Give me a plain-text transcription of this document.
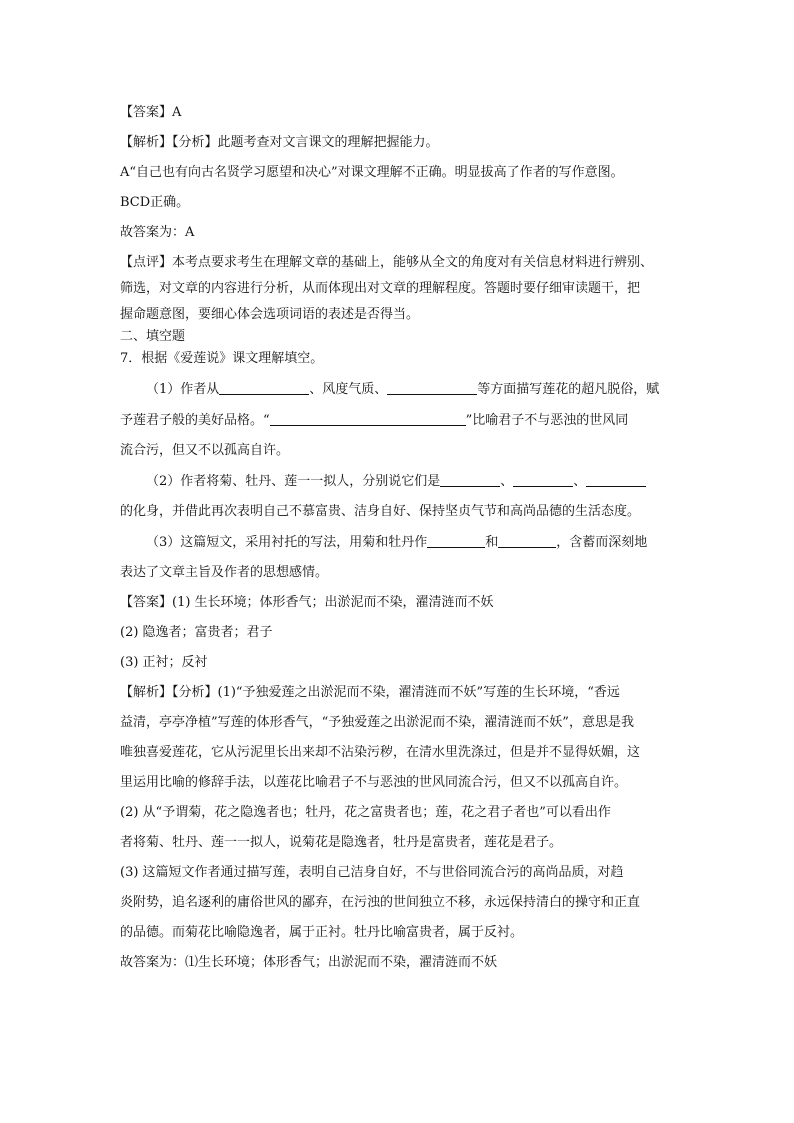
【答案】A
【解析】【分析】此题考查对文言课文的理解把握能力。
A“自己也有向古名贤学习愿望和决心”对课文理解不正确。明显拔高了作者的写作意图。
BCD正确。
故答案为：A
【点评】本考点要求考生在理解文章的基础上，能够从全文的角度对有关信息材料进行辨别、
筛选，对文章的内容进行分析，从而体现出对文章的理解程度。答题时要仔细审读题干，把
握命题意图，要细心体会选项词语的表述是否得当。
二、填空题
7．根据《爱莲说》课文理解填空。
（1）作者从	、风度气质、	等方面描写莲花的超凡脱俗，赋
予莲君子般的美好品格。“	”比喻君子不与恶浊的世风同
流合污，但又不以孤高自许。
（2）作者将菊、牡丹、莲一一拟人，分别说它们是	、	、
的化身，并借此再次表明自己不慕富贵、洁身自好、保持坚贞气节和高尚品德的生活态度。
（3）这篇短文，采用衬托的写法，用菊和牡丹作	和	，含蓄而深刻地
表达了文章主旨及作者的思想感情。
【答案】(1) 生长环境；体形香气；出淤泥而不染，濯清涟而不妖
(2) 隐逸者；富贵者；君子
(3) 正衬；反衬
【解析】【分析】(1)“予独爱莲之出淤泥而不染，濯清涟而不妖”写莲的生长环境，“香远
益清，亭亭净植”写莲的体形香气，“予独爱莲之出淤泥而不染，濯清涟而不妖”，意思是我
唯独喜爱莲花，它从污泥里长出来却不沾染污秽，在清水里洗涤过，但是并不显得妖媚，这
里运用比喻的修辞手法，以莲花比喻君子不与恶浊的世风同流合污，但又不以孤高自许。
(2) 从“予谓菊，花之隐逸者也；牡丹，花之富贵者也；莲，花之君子者也”可以看出作
者将菊、牡丹、莲一一拟人，说菊花是隐逸者，牡丹是富贵者，莲花是君子。
(3) 这篇短文作者通过描写莲，表明自己洁身自好，不与世俗同流合污的高尚品质，对趋
炎附势，追名逐利的庸俗世风的鄙弃，在污浊的世间独立不移，永远保持清白的操守和正直
的品德。而菊花比喻隐逸者，属于正衬。牡丹比喻富贵者，属于反衬。
故答案为：⑴生长环境；体形香气；出淤泥而不染，濯清涟而不妖
